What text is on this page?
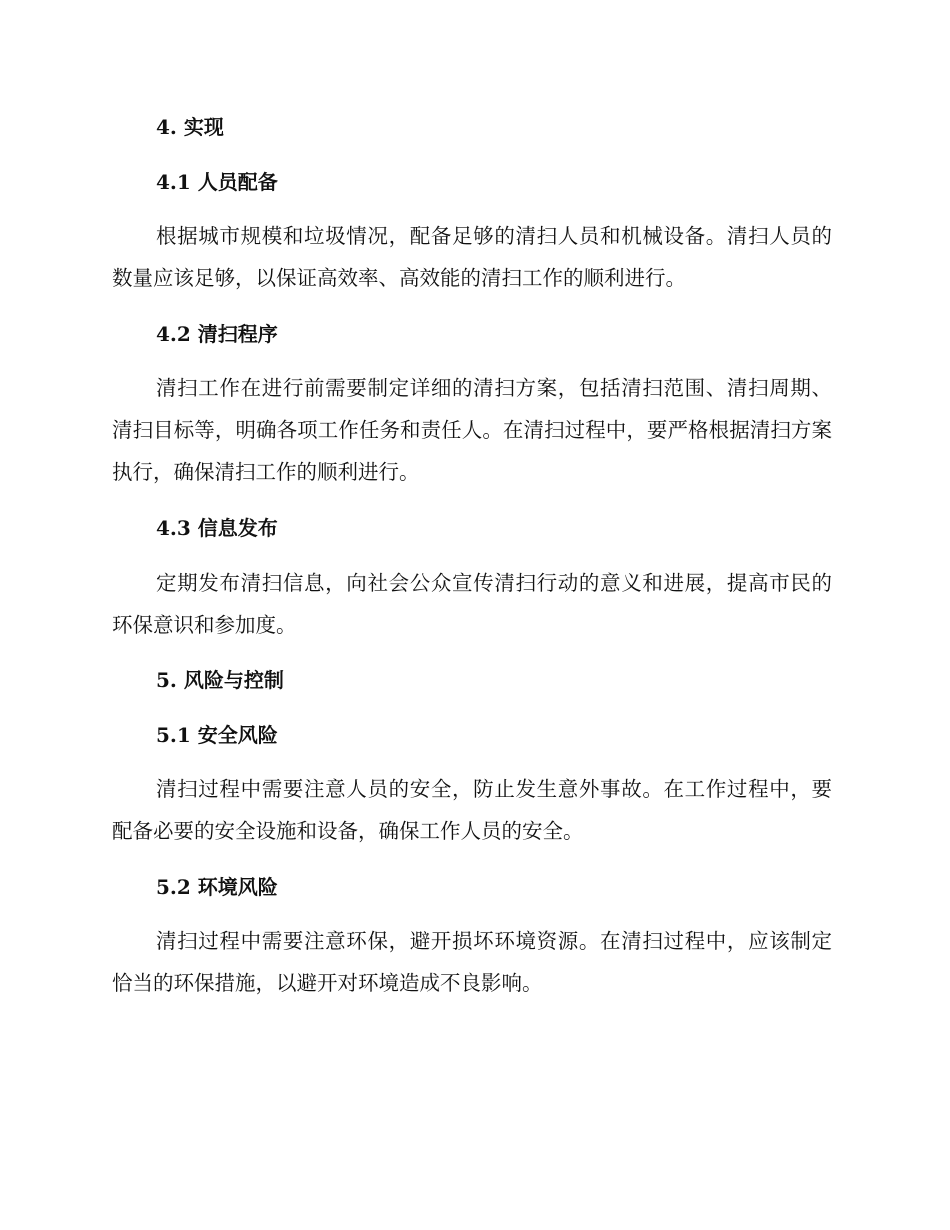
4. 实现
4.1 人员配备
根据城市规模和垃圾情况，配备足够的清扫人员和机械设备。清扫人员的数量应该足够，以保证高效率、高效能的清扫工作的顺利进行。
4.2 清扫程序
清扫工作在进行前需要制定详细的清扫方案，包括清扫范围、清扫周期、清扫目标等，明确各项工作任务和责任人。在清扫过程中，要严格根据清扫方案执行，确保清扫工作的顺利进行。
4.3 信息发布
定期发布清扫信息，向社会公众宣传清扫行动的意义和进展，提高市民的环保意识和参加度。
5. 风险与控制
5.1 安全风险
清扫过程中需要注意人员的安全，防止发生意外事故。在工作过程中，要配备必要的安全设施和设备，确保工作人员的安全。
5.2 环境风险
清扫过程中需要注意环保，避开损坏环境资源。在清扫过程中，应该制定恰当的环保措施，以避开对环境造成不良影响。
